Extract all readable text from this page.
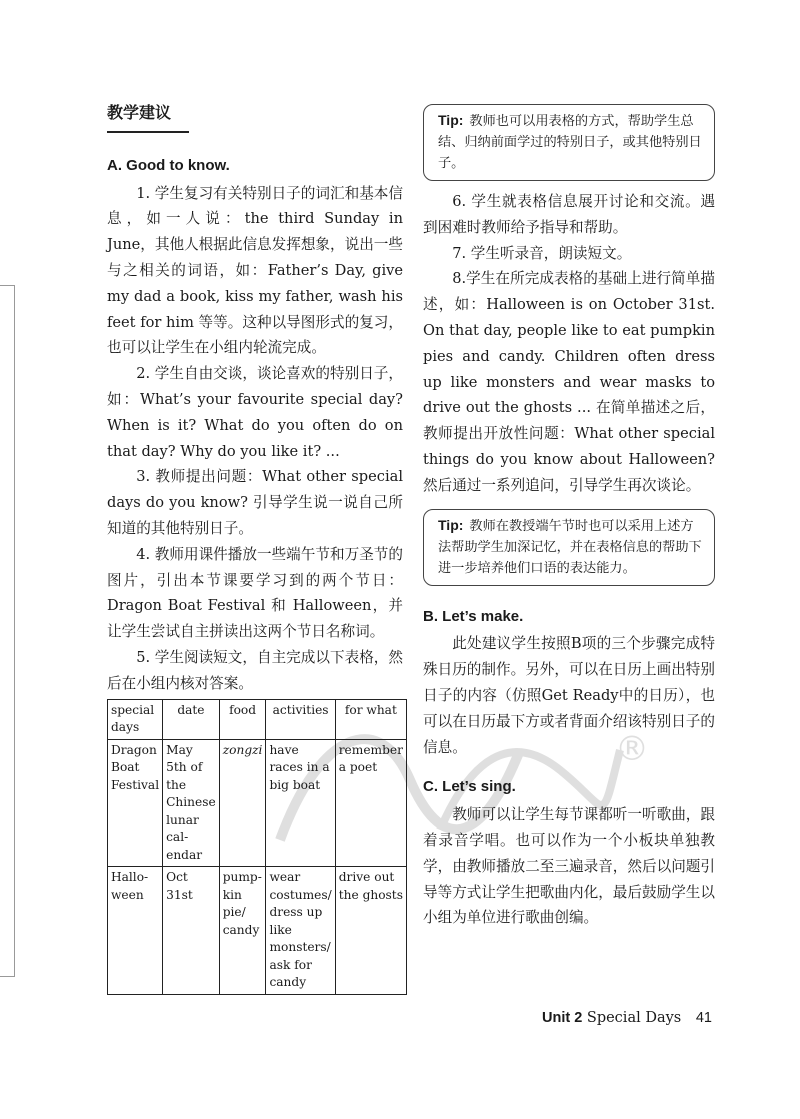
®
教学建议
A. Good to know.

1. 学生复习有关特别日子的词汇和基本信息，如一人说：the third Sunday in June，其他人根据此信息发挥想象，说出一些与之相关的词语，如：Father’s Day, give my dad a book, kiss my father, wash his feet for him 等等。这种以导图形式的复习，也可以让学生在小组内轮流完成。

2. 学生自由交谈，谈论喜欢的特别日子，如：What’s your favourite special day? When is it? What do you often do on that day? Why do you like it? ...

3. 教师提出问题：What other special days do you know? 引导学生说一说自己所知道的其他特别日子。

4. 教师用课件播放一些端午节和万圣节的图片，引出本节课要学习到的两个节日：Dragon Boat Festival 和 Halloween，并让学生尝试自主拼读出这两个节日名称词。

5. 学生阅读短文，自主完成以下表格，然后在小组内核对答案。

special days	date	food	activities	for what
Dragon Boat Festival	May 5th of the Chinese lunar cal-endar	zongzi	have races in a big boat	remember a poet
Hallo-ween	Oct 31st	pump-kin pie/ candy	wear costumes/ dress up like monsters/ ask for candy	drive out the ghosts
Tip: 教师也可以用表格的方式，帮助学生总结、归纳前面学过的特别日子，或其他特别日子。

6. 学生就表格信息展开讨论和交流。遇到困难时教师给予指导和帮助。

7. 学生听录音，朗读短文。

8.学生在所完成表格的基础上进行简单描述，如：Halloween is on October 31st. On that day, people like to eat pumpkin pies and candy. Children often dress up like monsters and wear masks to drive out the ghosts ... 在简单描述之后，教师提出开放性问题：What other special things do you know about Halloween? 然后通过一系列追问，引导学生再次谈论。

Tip: 教师在教授端午节时也可以采用上述方法帮助学生加深记忆，并在表格信息的帮助下进一步培养他们口语的表达能力。
B. Let’s make.

此处建议学生按照B项的三个步骤完成特殊日历的制作。另外，可以在日历上画出特别日子的内容（仿照Get Ready中的日历），也可以在日历最下方或者背面介绍该特别日子的信息。

C. Let’s sing.

教师可以让学生每节课都听一听歌曲，跟着录音学唱。也可以作为一个小板块单独教学，由教师播放二至三遍录音，然后以问题引导等方式让学生把歌曲内化，最后鼓励学生以小组为单位进行歌曲创编。

Unit 2 Special Days 41
